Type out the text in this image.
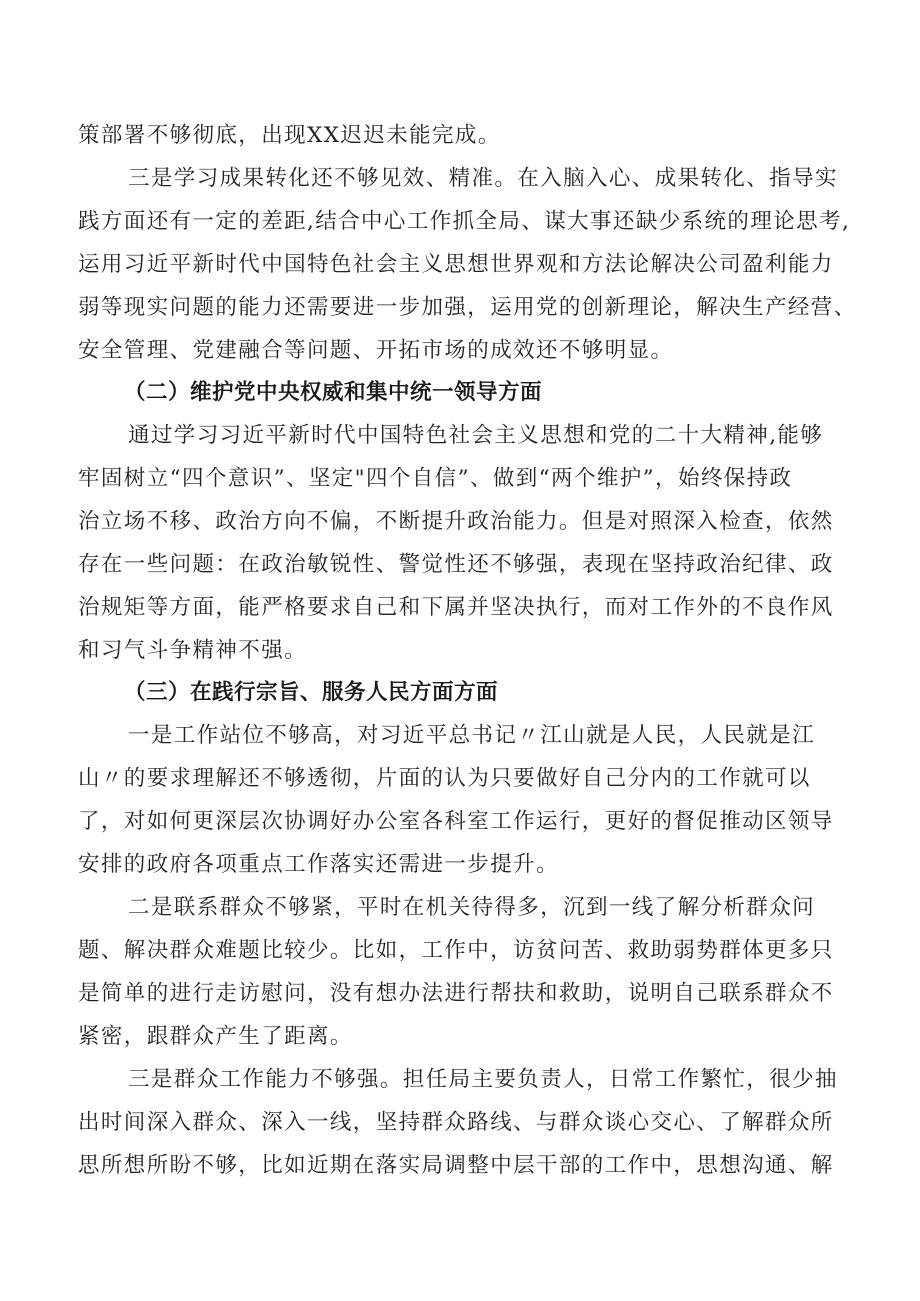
策部署不够彻底，出现XX迟迟未能完成。
三是学习成果转化还不够见效、精准。在入脑入心、成果转化、指导实
践方面还有一定的差距,结合中心工作抓全局、谋大事还缺少系统的理论思考,
运用习近平新时代中国特色社会主义思想世界观和方法论解决公司盈利能力
弱等现实问题的能力还需要进一步加强，运用党的创新理论，解决生产经营、
安全管理、党建融合等问题、开拓市场的成效还不够明显。
（二）维护党中央权威和集中统一领导方面
通过学习习近平新时代中国特色社会主义思想和党的二十大精神,能够
牢固树立“四个意识”、坚定"四个自信”、做到“两个维护”，始终保持政
治立场不移、政治方向不偏，不断提升政治能力。但是对照深入检查，依然
存在一些问题：在政治敏锐性、警觉性还不够强，表现在坚持政治纪律、政
治规矩等方面，能严格要求自己和下属并坚决执行，而对工作外的不良作风
和习气斗争精神不强。
（三）在践行宗旨、服务人民方面方面
一是工作站位不够高，对习近平总书记〃江山就是人民，人民就是江
山〃的要求理解还不够透彻，片面的认为只要做好自己分内的工作就可以
了，对如何更深层次协调好办公室各科室工作运行，更好的督促推动区领导
安排的政府各项重点工作落实还需进一步提升。
二是联系群众不够紧，平时在机关待得多，沉到一线了解分析群众问
题、解决群众难题比较少。比如，工作中，访贫问苦、救助弱势群体更多只
是简单的进行走访慰问，没有想办法进行帮扶和救助，说明自己联系群众不
紧密，跟群众产生了距离。
三是群众工作能力不够强。担任局主要负责人，日常工作繁忙，很少抽
出时间深入群众、深入一线，坚持群众路线、与群众谈心交心、了解群众所
思所想所盼不够，比如近期在落实局调整中层干部的工作中，思想沟通、解
